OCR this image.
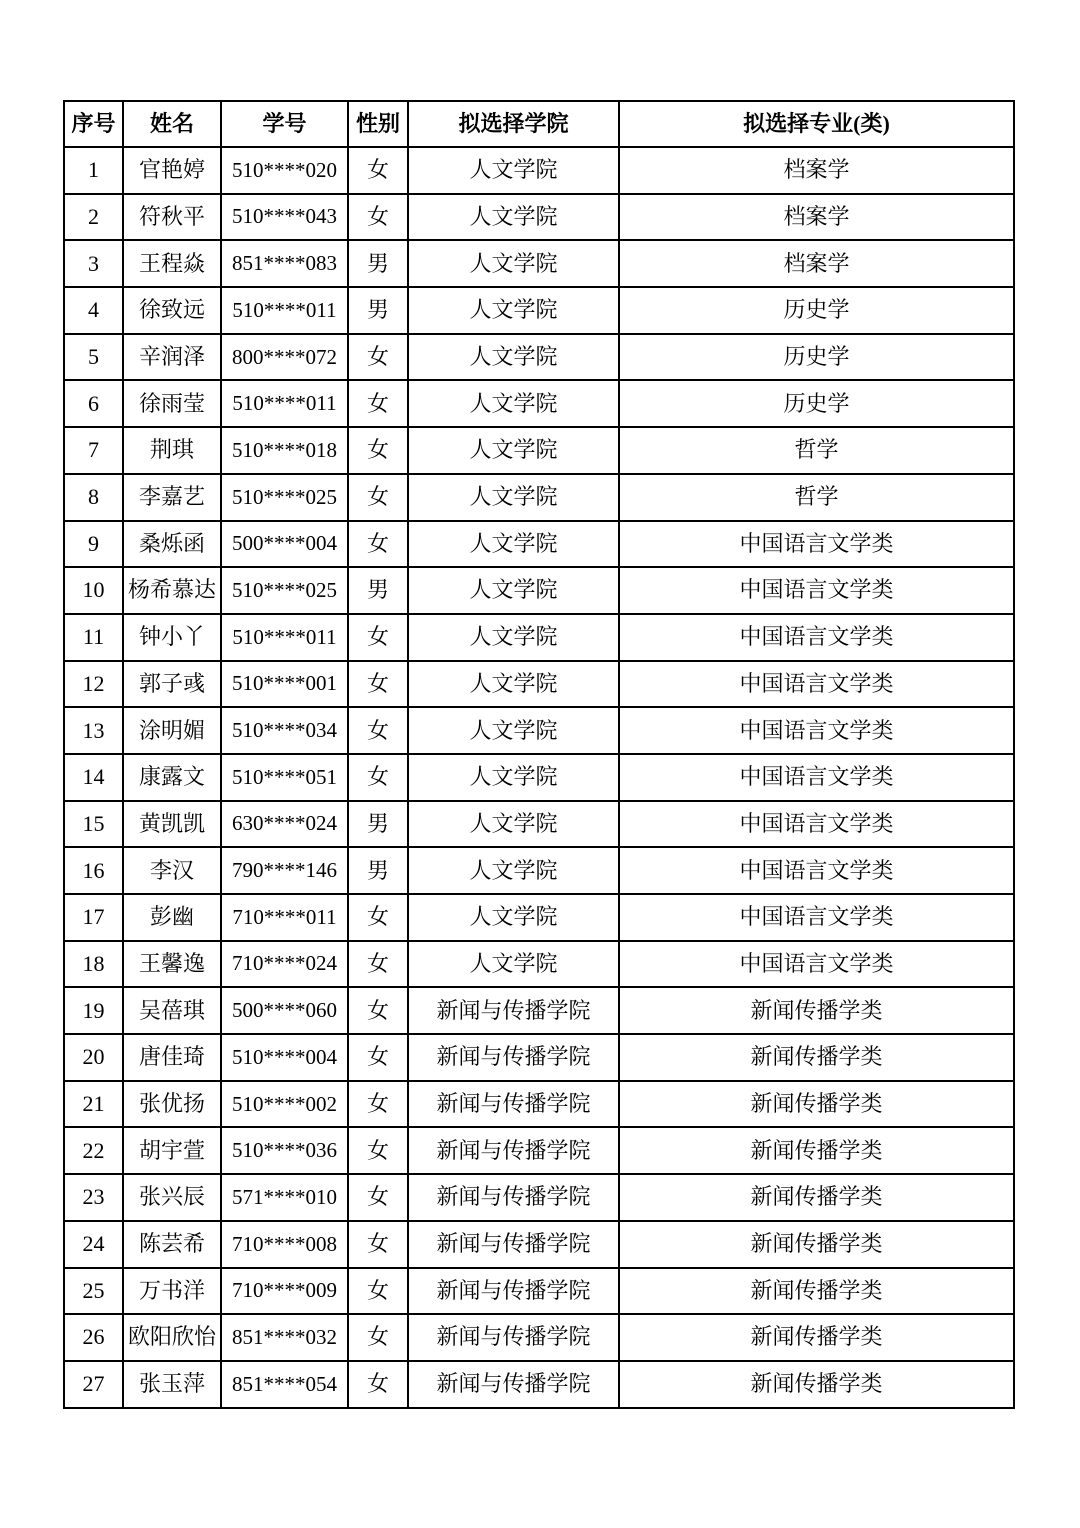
序号	姓名	学号	性别	拟选择学院	拟选择专业(类)
1	官艳婷	510****020	女	人文学院	档案学
2	符秋平	510****043	女	人文学院	档案学
3	王程焱	851****083	男	人文学院	档案学
4	徐致远	510****011	男	人文学院	历史学
5	辛润泽	800****072	女	人文学院	历史学
6	徐雨莹	510****011	女	人文学院	历史学
7	荆琪	510****018	女	人文学院	哲学
8	李嘉艺	510****025	女	人文学院	哲学
9	桑烁函	500****004	女	人文学院	中国语言文学类
10	杨希慕达	510****025	男	人文学院	中国语言文学类
11	钟小丫	510****011	女	人文学院	中国语言文学类
12	郭子彧	510****001	女	人文学院	中国语言文学类
13	涂明媚	510****034	女	人文学院	中国语言文学类
14	康露文	510****051	女	人文学院	中国语言文学类
15	黄凯凯	630****024	男	人文学院	中国语言文学类
16	李汉	790****146	男	人文学院	中国语言文学类
17	彭幽	710****011	女	人文学院	中国语言文学类
18	王馨逸	710****024	女	人文学院	中国语言文学类
19	吴蓓琪	500****060	女	新闻与传播学院	新闻传播学类
20	唐佳琦	510****004	女	新闻与传播学院	新闻传播学类
21	张优扬	510****002	女	新闻与传播学院	新闻传播学类
22	胡宇萱	510****036	女	新闻与传播学院	新闻传播学类
23	张兴辰	571****010	女	新闻与传播学院	新闻传播学类
24	陈芸希	710****008	女	新闻与传播学院	新闻传播学类
25	万书洋	710****009	女	新闻与传播学院	新闻传播学类
26	欧阳欣怡	851****032	女	新闻与传播学院	新闻传播学类
27	张玉萍	851****054	女	新闻与传播学院	新闻传播学类
